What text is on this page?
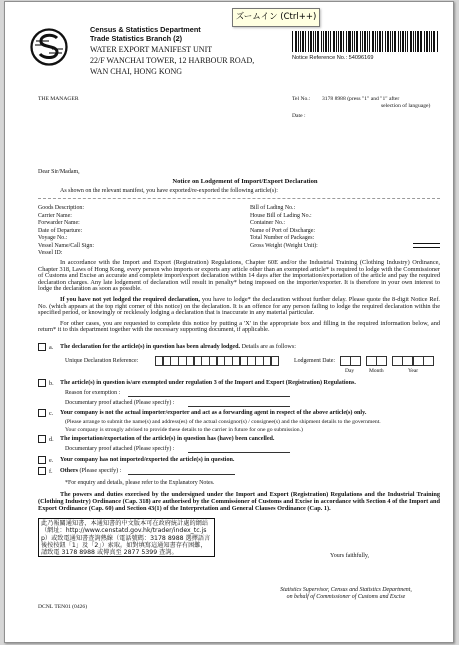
ズームイン (Ctrl++)
Census & Statistics Department
Trade Statistics Branch (2)
WATER EXPORT MANIFEST UNIT
22/F WANCHAI TOWER, 12 HARBOUR ROAD,
WAN CHAI, HONG KONG
Notice Reference No.: 54096169
THE MANAGER	Tel No.: 3178 8988 (press "1" and "1" after
selection of language)
Date :
Dear Sir/Madam,
Notice on Lodgement of Import/Export Declaration
As shown on the relevant manifest, you have exported/re-exported the following article(s):
Goods Description:
Carrier Name:
Forwarder Name:
Date of Departure:
Voyage No.:
Vessel Name/Call Sign:
Vessel ID:
Bill of Lading No.:
House Bill of Lading No.:
Container No.:
Name of Port of Discharge:
Total Number of Packages:
Gross Weight (Weight Unit):

In accordance with the Import and Export (Registration) Regulations, Chapter 60E and/or the Industrial Training (Clothing Industry) Ordinance, Chapter 318, Laws of Hong Kong, every person who imports or exports any article other than an exempted article* is required to lodge with the Commissioner of Customs and Excise an accurate and complete import/export declaration within 14 days after the importation/exportation of the article and pay the required declaration charges. Any late lodgement of declaration will result in penalty* being imposed on the importer/exporter. It is therefore in your own interest to lodge the declaration as soon as possible.

If you have not yet lodged the required declaration, you have to lodge* the declaration without further delay. Please quote the 8-digit Notice Ref. No. (which appears at the top right corner of this notice) on the declaration. It is an offence for any person failing to lodge the required declaration within the specified period, or knowingly or recklessly lodging a declaration that is inaccurate in any material particular.

For other cases, you are requested to complete this notice by putting a 'X' in the appropriate box and filling in the required information below, and return* it to this department together with the necessary supporting document, if applicable.

a. The declaration for the article(s) in question has been already lodged. Details are as follows:
Unique Declaration Reference:	Lodgement Date:
Day	Month	Year
b. The article(s) in question is/are exempted under regulation 3 of the Import and Export (Registration) Regulations.
Reason for exemption :
Documentary proof attached (Please specify) :
c. Your company is not the actual importer/exporter and act as a forwarding agent in respect of the above article(s) only.
(Please arrange to submit the name(s) and address(es) of the actual consignor(s) / consignee(s) and the shipment details to the government.
Your company is strongly advised to provide these details to the carrier in future for one go submission.)
d. The importation/exportation of the article(s) in question has (have) been cancelled.
Documentary proof attached (Please specify) :
e. Your company has not imported/exported the article(s) in question.
f. Others (Please specify) :
*For enquiry and details, please refer to the Explanatory Notes.
The powers and duties exercised by the undersigned under the Import and Export (Registration) Regulations and the Industrial Training (Clothing Industry) Ordinance (Cap. 318) are authorised by the Commissioner of Customs and Excise in accordance with Section 4 of the Import and Export Ordinance (Cap. 60) and Section 43(1) of the Interpretation and General Clauses Ordinance (Cap. 1).
此乃報關通知書，本通知書的中文版本可在政府統計處的網站（網址：http://www.censtatd.gov.hk/trader/index_tc.jsp）或致電通知書查詢熱線（電話號碼：3178 8988 選擇語言後按按鈕「1」及「2」）索取。如對填寫這通知書存有困難，請致電 3178 8988 或傳真至 2877 5399 查詢。	Yours faithfully,
Statistics Supervisor, Census and Statistics Department,
on behalf of Commissioner of Customs and Excise
DCNL TEN01 (0426)
